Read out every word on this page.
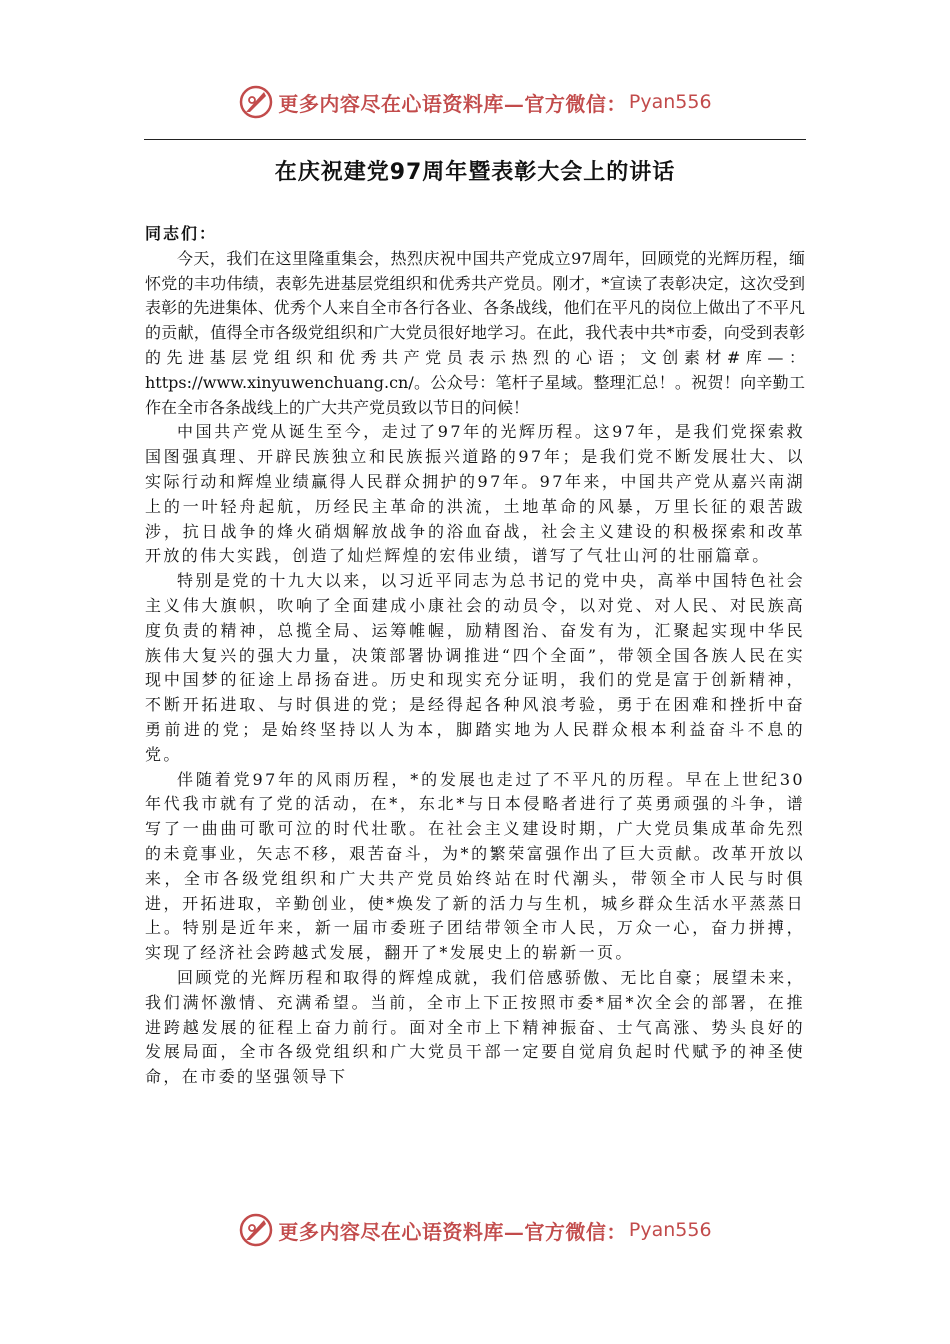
更多内容尽在心语资料库—官方微信： Pyan556
在庆祝建党97周年暨表彰大会上的讲话

同志们：

今天，我们在这里隆重集会，热烈庆祝中国共产党成立97周年，回顾党的光辉历程，缅怀党的丰功伟绩，表彰先进基层党组织和优秀共产党员。刚才，*宣读了表彰决定，这次受到表彰的先进集体、优秀个人来自全市各行各业、各条战线，他们在平凡的岗位上做出了不平凡的贡献，值得全市各级党组织和广大党员很好地学习。在此，我代表中共*市委，向受到表彰的先进基层党组织和优秀共产党员表示热烈的心语；文创素材#库—：https://www.xinyuwenchuang.cn/。公众号：笔杆子星域。整理汇总！。祝贺！向辛勤工作在全市各条战线上的广大共产党员致以节日的问候！

中国共产党从诞生至今，走过了97年的光辉历程。这97年，是我们党探索救国图强真理、开辟民族独立和民族振兴道路的97年；是我们党不断发展壮大、以实际行动和辉煌业绩赢得人民群众拥护的97年。97年来，中国共产党从嘉兴南湖上的一叶轻舟起航，历经民主革命的洪流，土地革命的风暴，万里长征的艰苦跋涉，抗日战争的烽火硝烟解放战争的浴血奋战，社会主义建设的积极探索和改革开放的伟大实践，创造了灿烂辉煌的宏伟业绩，谱写了气壮山河的壮丽篇章。

特别是党的十九大以来，以习近平同志为总书记的党中央，高举中国特色社会主义伟大旗帜，吹响了全面建成小康社会的动员令，以对党、对人民、对民族高度负责的精神，总揽全局、运筹帷幄，励精图治、奋发有为，汇聚起实现中华民族伟大复兴的强大力量，决策部署协调推进“四个全面”，带领全国各族人民在实现中国梦的征途上昂扬奋进。历史和现实充分证明，我们的党是富于创新精神，不断开拓进取、与时俱进的党；是经得起各种风浪考验，勇于在困难和挫折中奋勇前进的党；是始终坚持以人为本，脚踏实地为人民群众根本利益奋斗不息的党。

伴随着党97年的风雨历程，*的发展也走过了不平凡的历程。早在上世纪30年代我市就有了党的活动，在*，东北*与日本侵略者进行了英勇顽强的斗争，谱写了一曲曲可歌可泣的时代壮歌。在社会主义建设时期，广大党员集成革命先烈的未竟事业，矢志不移，艰苦奋斗，为*的繁荣富强作出了巨大贡献。改革开放以来，全市各级党组织和广大共产党员始终站在时代潮头，带领全市人民与时俱进，开拓进取，辛勤创业，使*焕发了新的活力与生机，城乡群众生活水平蒸蒸日上。特别是近年来，新一届市委班子团结带领全市人民，万众一心，奋力拼搏，实现了经济社会跨越式发展，翻开了*发展史上的崭新一页。

回顾党的光辉历程和取得的辉煌成就，我们倍感骄傲、无比自豪；展望未来，我们满怀激情、充满希望。当前，全市上下正按照市委*届*次全会的部署，在推进跨越发展的征程上奋力前行。面对全市上下精神振奋、士气高涨、势头良好的发展局面，全市各级党组织和广大党员干部一定要自觉肩负起时代赋予的神圣使命，在市委的坚强领导下

更多内容尽在心语资料库—官方微信： Pyan556
